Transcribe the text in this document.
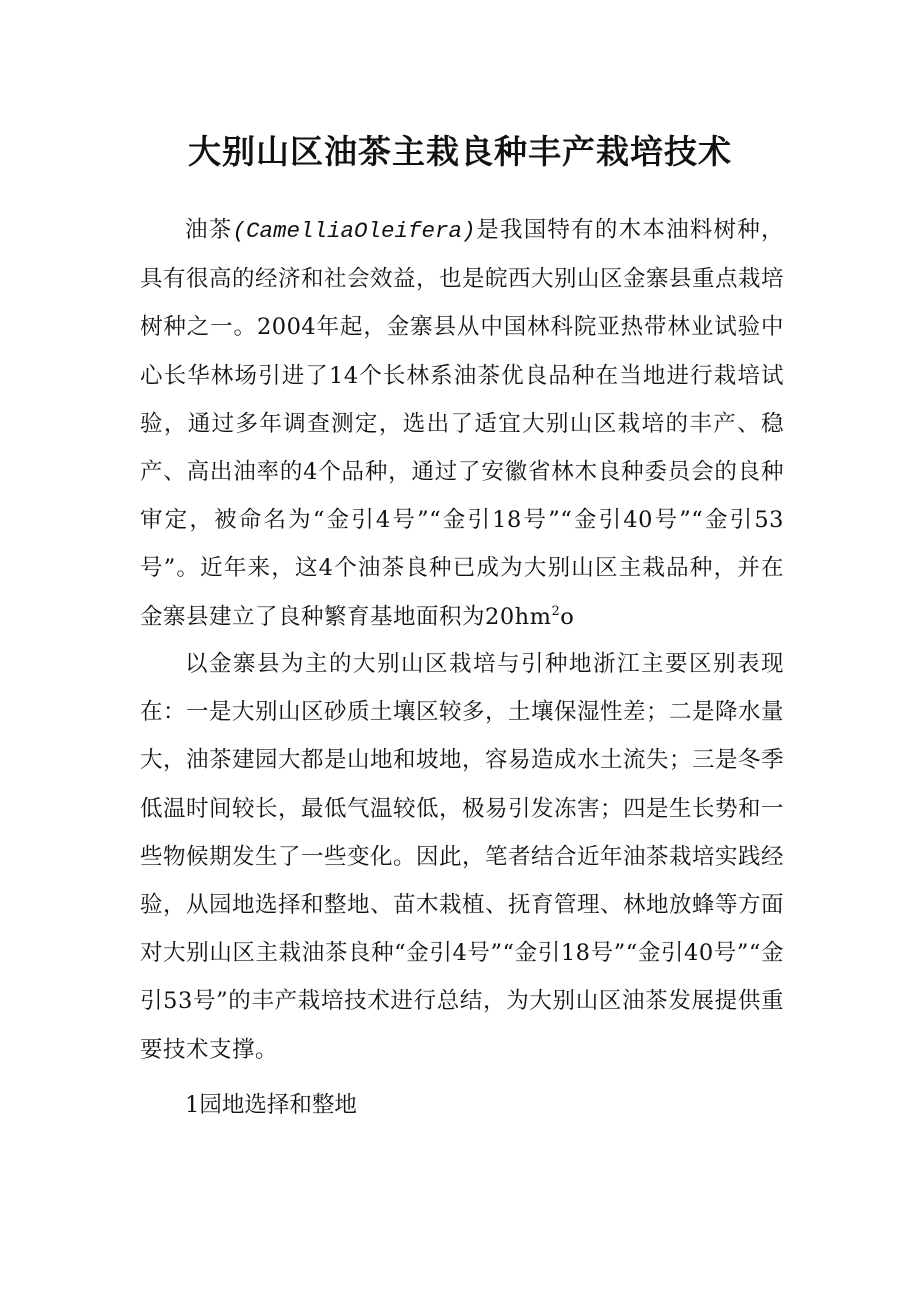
大别山区油茶主栽良种丰产栽培技术

油茶(CamelliaOleifera)是我国特有的木本油料树种，具有很高的经济和社会效益，也是皖西大别山区金寨县重点栽培树种之一。2004年起，金寨县从中国林科院亚热带林业试验中心长华林场引进了14个长林系油茶优良品种在当地进行栽培试验，通过多年调查测定，选出了适宜大别山区栽培的丰产、稳产、高出油率的4个品种，通过了安徽省林木良种委员会的良种审定，被命名为“金引4号”“金引18号”“金引40号”“金引53号”。近年来，这4个油茶良种已成为大别山区主栽品种，并在金寨县建立了良种繁育基地面积为$20hm^2o$

以金寨县为主的大别山区栽培与引种地浙江主要区别表现在：一是大别山区砂质土壤区较多，土壤保湿性差；二是降水量大，油茶建园大都是山地和坡地，容易造成水土流失；三是冬季低温时间较长，最低气温较低，极易引发冻害；四是生长势和一些物候期发生了一些变化。因此，笔者结合近年油茶栽培实践经验，从园地选择和整地、苗木栽植、抚育管理、林地放蜂等方面对大别山区主栽油茶良种“金引4号”“金引18号”“金引40号”“金引53号”的丰产栽培技术进行总结，为大别山区油茶发展提供重要技术支撑。

1园地选择和整地
